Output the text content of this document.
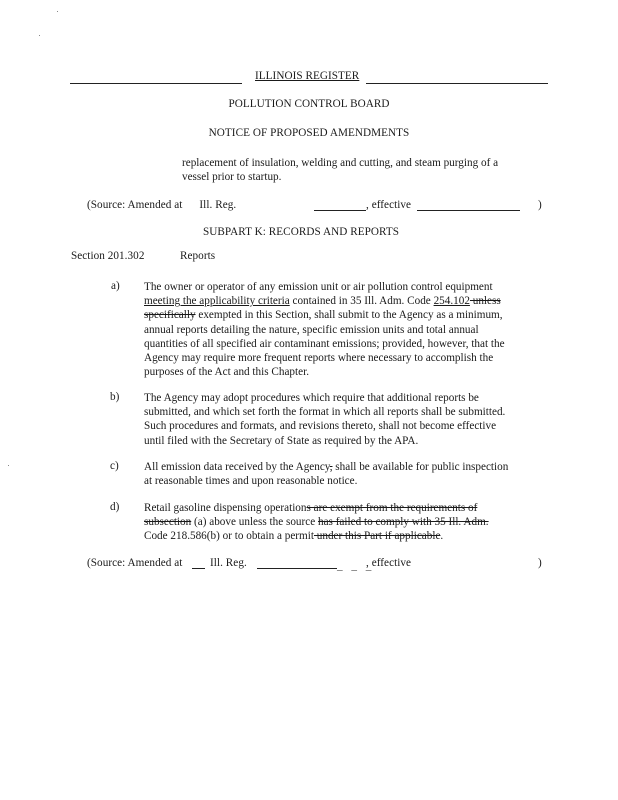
ILLINOIS REGISTER
POLLUTION CONTROL BOARD
NOTICE OF PROPOSED AMENDMENTS
replacement of insulation, welding and cutting, and steam purging of a
vessel prior to startup.
(Source: Amended at Ill. Reg.	, effective	)
SUBPART K: RECORDS AND REPORTS
Section 201.302	Reports
a) The owner or operator of any emission unit or air pollution control equipment
meeting the applicability criteria contained in 35 Ill. Adm. Code 254.102 unless
specifically exempted in this Section, shall submit to the Agency as a minimum,
annual reports detailing the nature, specific emission units and total annual
quantities of all specified air contaminant emissions; provided, however, that the
Agency may require more frequent reports where necessary to accomplish the
purposes of the Act and this Chapter.
b) The Agency may adopt procedures which require that additional reports be
submitted, and which set forth the format in which all reports shall be submitted.
Such procedures and formats, and revisions thereto, shall not become effective
until filed with the Secretary of State as required by the APA.
c) All emission data received by the Agency, shall be available for public inspection
at reasonable times and upon reasonable notice.
d) Retail gasoline dispensing operations are exempt from the requirements of
subsection (a) above unless the source has failed to comply with 35 Ill. Adm.
Code 218.586(b) or to obtain a permit under this Part if applicable.
(Source: Amended at Ill. Reg.	_ _ _
, effective	)
